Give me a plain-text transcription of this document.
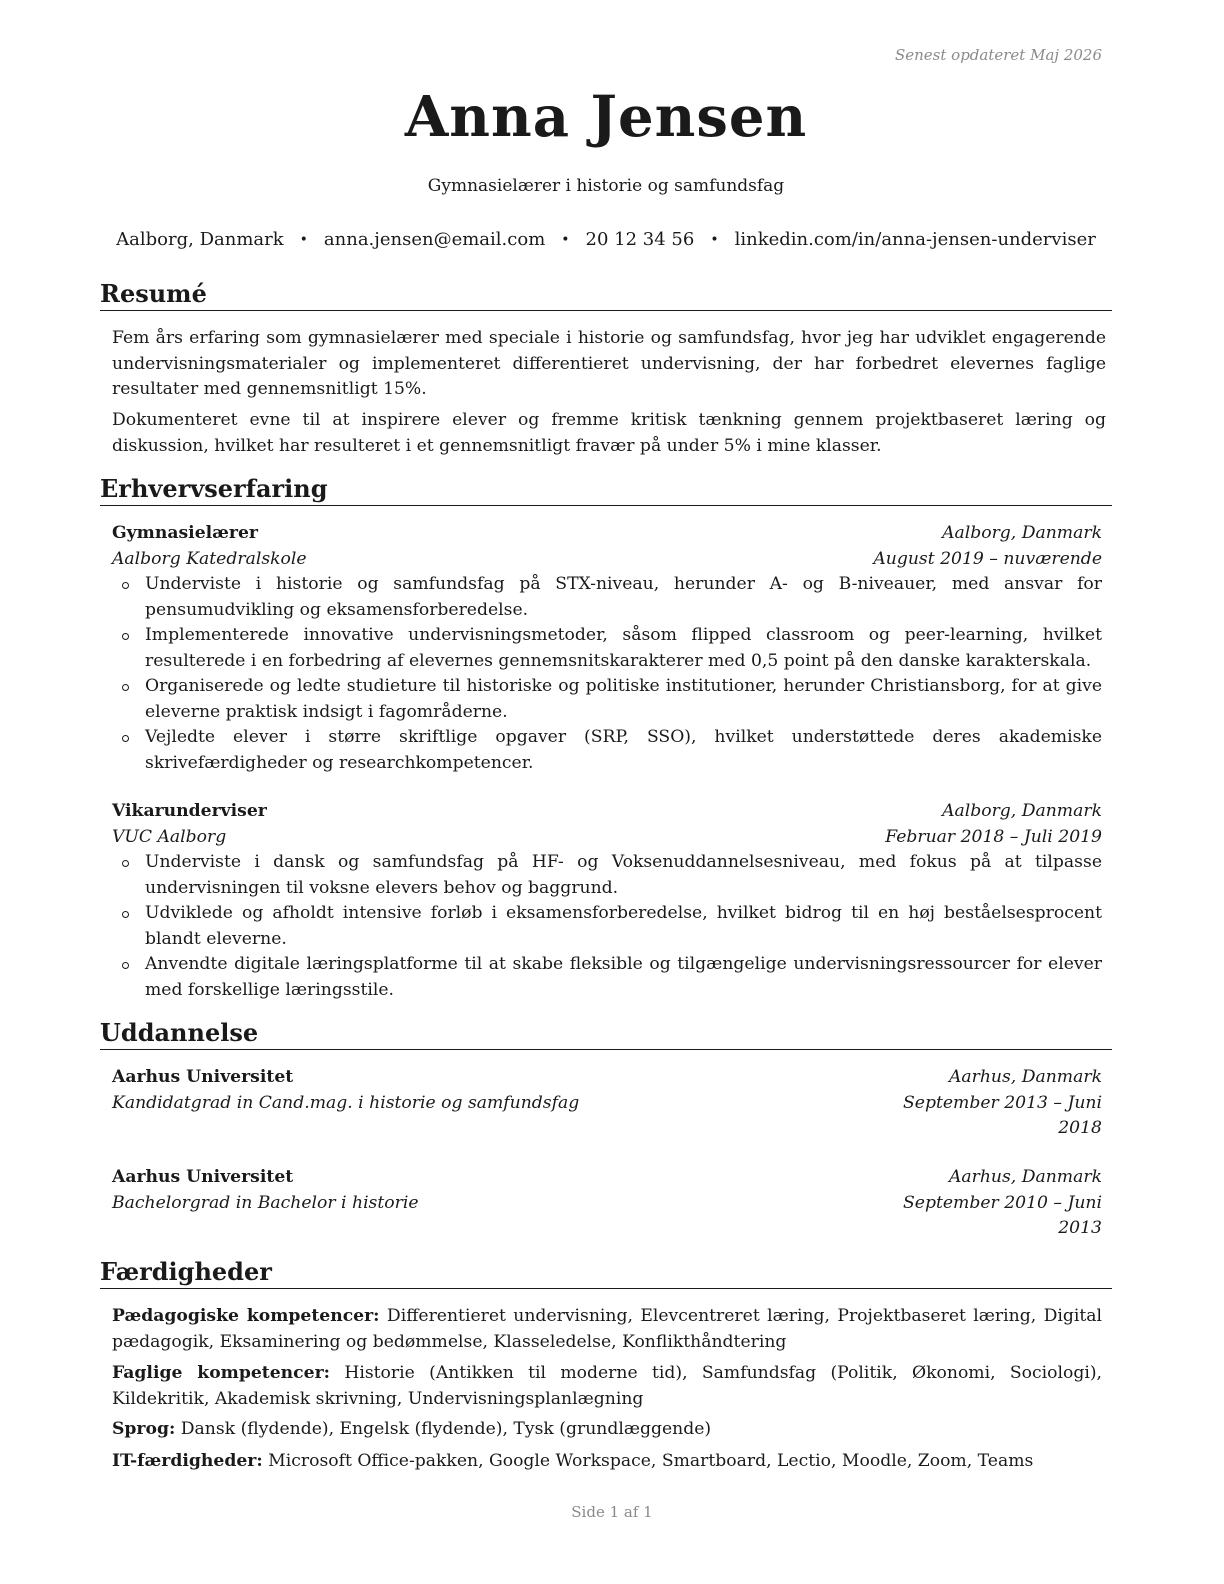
Senest opdateret Maj 2026
Anna Jensen
Gymnasielærer i historie og samfundsfag
Aalborg, Danmark • anna.jensen@email.com • 20 12 34 56 • linkedin.com/in/anna-jensen-underviser
Resumé
Fem års erfaring som gymnasielærer med speciale i historie og samfundsfag, hvor jeg har udviklet engagerende undervisningsmaterialer og implementeret differentieret undervisning, der har forbedret elevernes faglige resultater med gennemsnitligt 15%.
Dokumenteret evne til at inspirere elever og fremme kritisk tænkning gennem projektbaseret læring og diskussion, hvilket har resulteret i et gennemsnitligt fravær på under 5% i mine klasser.
Erhvervserfaring
Gymnasielærer	Aalborg, Danmark
Aalborg Katedralskole	August 2019 – nuværende
Underviste i historie og samfundsfag på STX-niveau, herunder A- og B-niveauer, med ansvar for pensumudvikling og eksamensforberedelse.
Implementerede innovative undervisningsmetoder, såsom flipped classroom og peer-learning, hvilket resulterede i en forbedring af elevernes gennemsnitskarakterer med 0,5 point på den danske karakterskala.
Organiserede og ledte studieture til historiske og politiske institutioner, herunder Christiansborg, for at give eleverne praktisk indsigt i fagområderne.
Vejledte elever i større skriftlige opgaver (SRP, SSO), hvilket understøttede deres akademiske skrivefærdigheder og researchkompetencer.
Vikarunderviser	Aalborg, Danmark
VUC Aalborg	Februar 2018 – Juli 2019
Underviste i dansk og samfundsfag på HF- og Voksenuddannelsesniveau, med fokus på at tilpasse undervisningen til voksne elevers behov og baggrund.
Udviklede og afholdt intensive forløb i eksamensforberedelse, hvilket bidrog til en høj beståelsesprocent blandt eleverne.
Anvendte digitale læringsplatforme til at skabe fleksible og tilgængelige undervisningsressourcer for elever med forskellige læringsstile.
Uddannelse
Aarhus Universitet	Aarhus, Danmark
Kandidatgrad in Cand.mag. i historie og samfundsfag	September 2013 – Juni 2018
Aarhus Universitet	Aarhus, Danmark
Bachelorgrad in Bachelor i historie	September 2010 – Juni 2013
Færdigheder
Pædagogiske kompetencer: Differentieret undervisning, Elevcentreret læring, Projektbaseret læring, Digital pædagogik, Eksaminering og bedømmelse, Klasseledelse, Konflikthåndtering
Faglige kompetencer: Historie (Antikken til moderne tid), Samfundsfag (Politik, Økonomi, Sociologi), Kildekritik, Akademisk skrivning, Undervisningsplanlægning
Sprog: Dansk (flydende), Engelsk (flydende), Tysk (grundlæggende)
IT-færdigheder: Microsoft Office-pakken, Google Workspace, Smartboard, Lectio, Moodle, Zoom, Teams
Side 1 af 1
